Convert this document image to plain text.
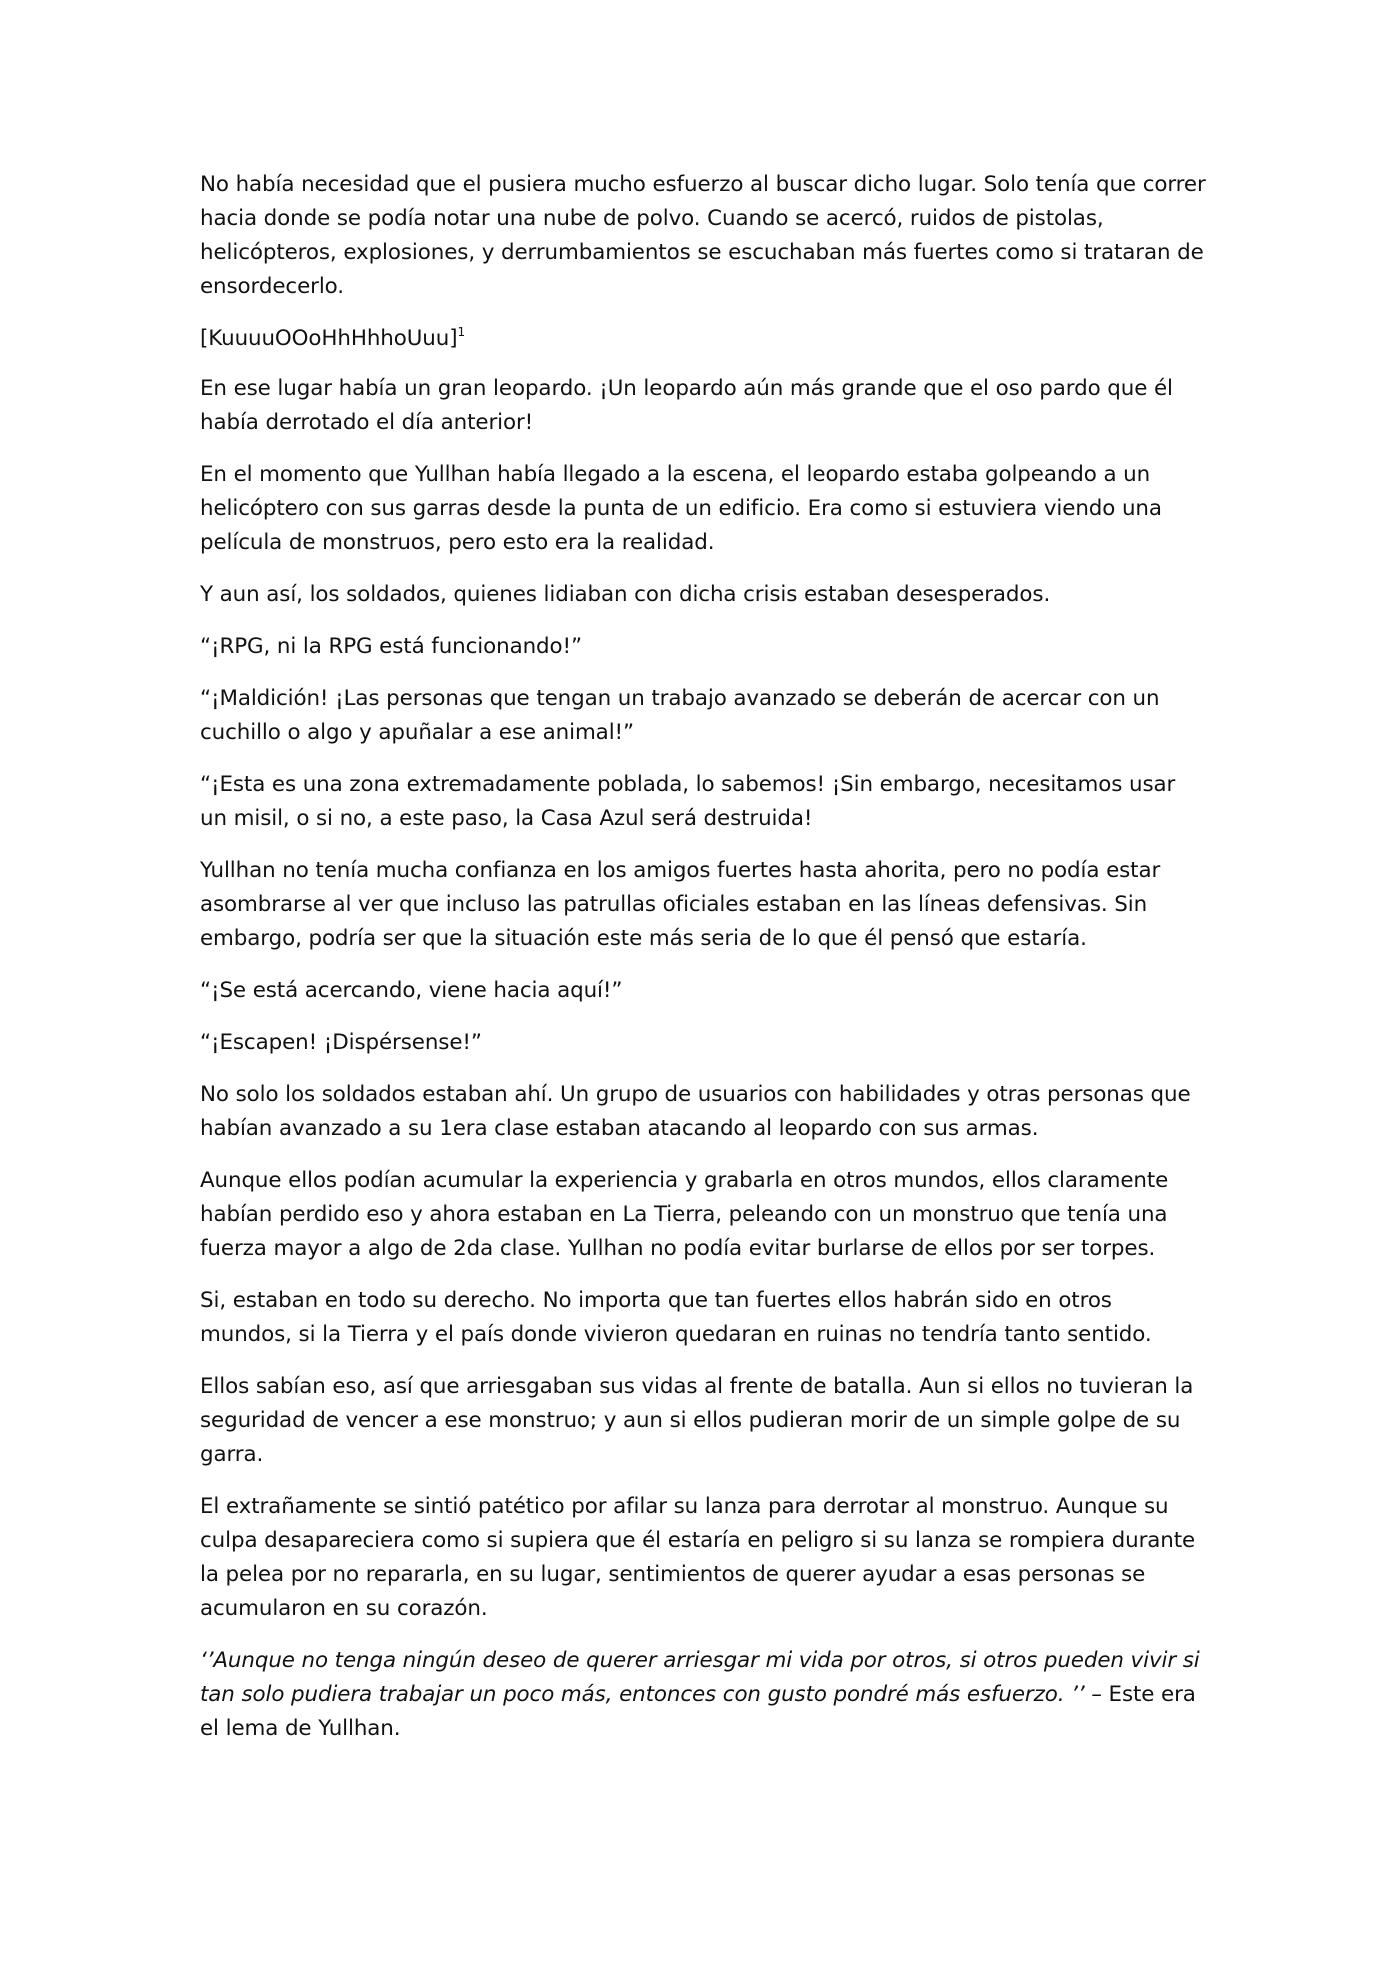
No había necesidad que el pusiera mucho esfuerzo al buscar dicho lugar. Solo tenía que correr hacia donde se podía notar una nube de polvo. Cuando se acercó, ruidos de pistolas, helicópteros, explosiones, y derrumbamientos se escuchaban más fuertes como si trataran de ensordecerlo.

[KuuuuOOoHhHhhoUuu]$^1$

En ese lugar había un gran leopardo. ¡Un leopardo aún más grande que el oso pardo que él había derrotado el día anterior!

En el momento que Yullhan había llegado a la escena, el leopardo estaba golpeando a un helicóptero con sus garras desde la punta de un edificio. Era como si estuviera viendo una película de monstruos, pero esto era la realidad.

Y aun así, los soldados, quienes lidiaban con dicha crisis estaban desesperados.

“¡RPG, ni la RPG está funcionando!”

“¡Maldición! ¡Las personas que tengan un trabajo avanzado se deberán de acercar con un cuchillo o algo y apuñalar a ese animal!”

“¡Esta es una zona extremadamente poblada, lo sabemos! ¡Sin embargo, necesitamos usar un misil, o si no, a este paso, la Casa Azul será destruida!

Yullhan no tenía mucha confianza en los amigos fuertes hasta ahorita, pero no podía estar asombrarse al ver que incluso las patrullas oficiales estaban en las líneas defensivas. Sin embargo, podría ser que la situación este más seria de lo que él pensó que estaría.

“¡Se está acercando, viene hacia aquí!”

“¡Escapen! ¡Dispérsense!”

No solo los soldados estaban ahí. Un grupo de usuarios con habilidades y otras personas que habían avanzado a su 1era clase estaban atacando al leopardo con sus armas.

Aunque ellos podían acumular la experiencia y grabarla en otros mundos, ellos claramente habían perdido eso y ahora estaban en La Tierra, peleando con un monstruo que tenía una fuerza mayor a algo de 2da clase. Yullhan no podía evitar burlarse de ellos por ser torpes.

Si, estaban en todo su derecho. No importa que tan fuertes ellos habrán sido en otros mundos, si la Tierra y el país donde vivieron quedaran en ruinas no tendría tanto sentido.

Ellos sabían eso, así que arriesgaban sus vidas al frente de batalla. Aun si ellos no tuvieran la seguridad de vencer a ese monstruo; y aun si ellos pudieran morir de un simple golpe de su garra.

El extrañamente se sintió patético por afilar su lanza para derrotar al monstruo. Aunque su culpa desapareciera como si supiera que él estaría en peligro si su lanza se rompiera durante la pelea por no repararla, en su lugar, sentimientos de querer ayudar a esas personas se acumularon en su corazón.

‘’Aunque no tenga ningún deseo de querer arriesgar mi vida por otros, si otros pueden vivir si tan solo pudiera trabajar un poco más, entonces con gusto pondré más esfuerzo. ’’ – Este era el lema de Yullhan.
